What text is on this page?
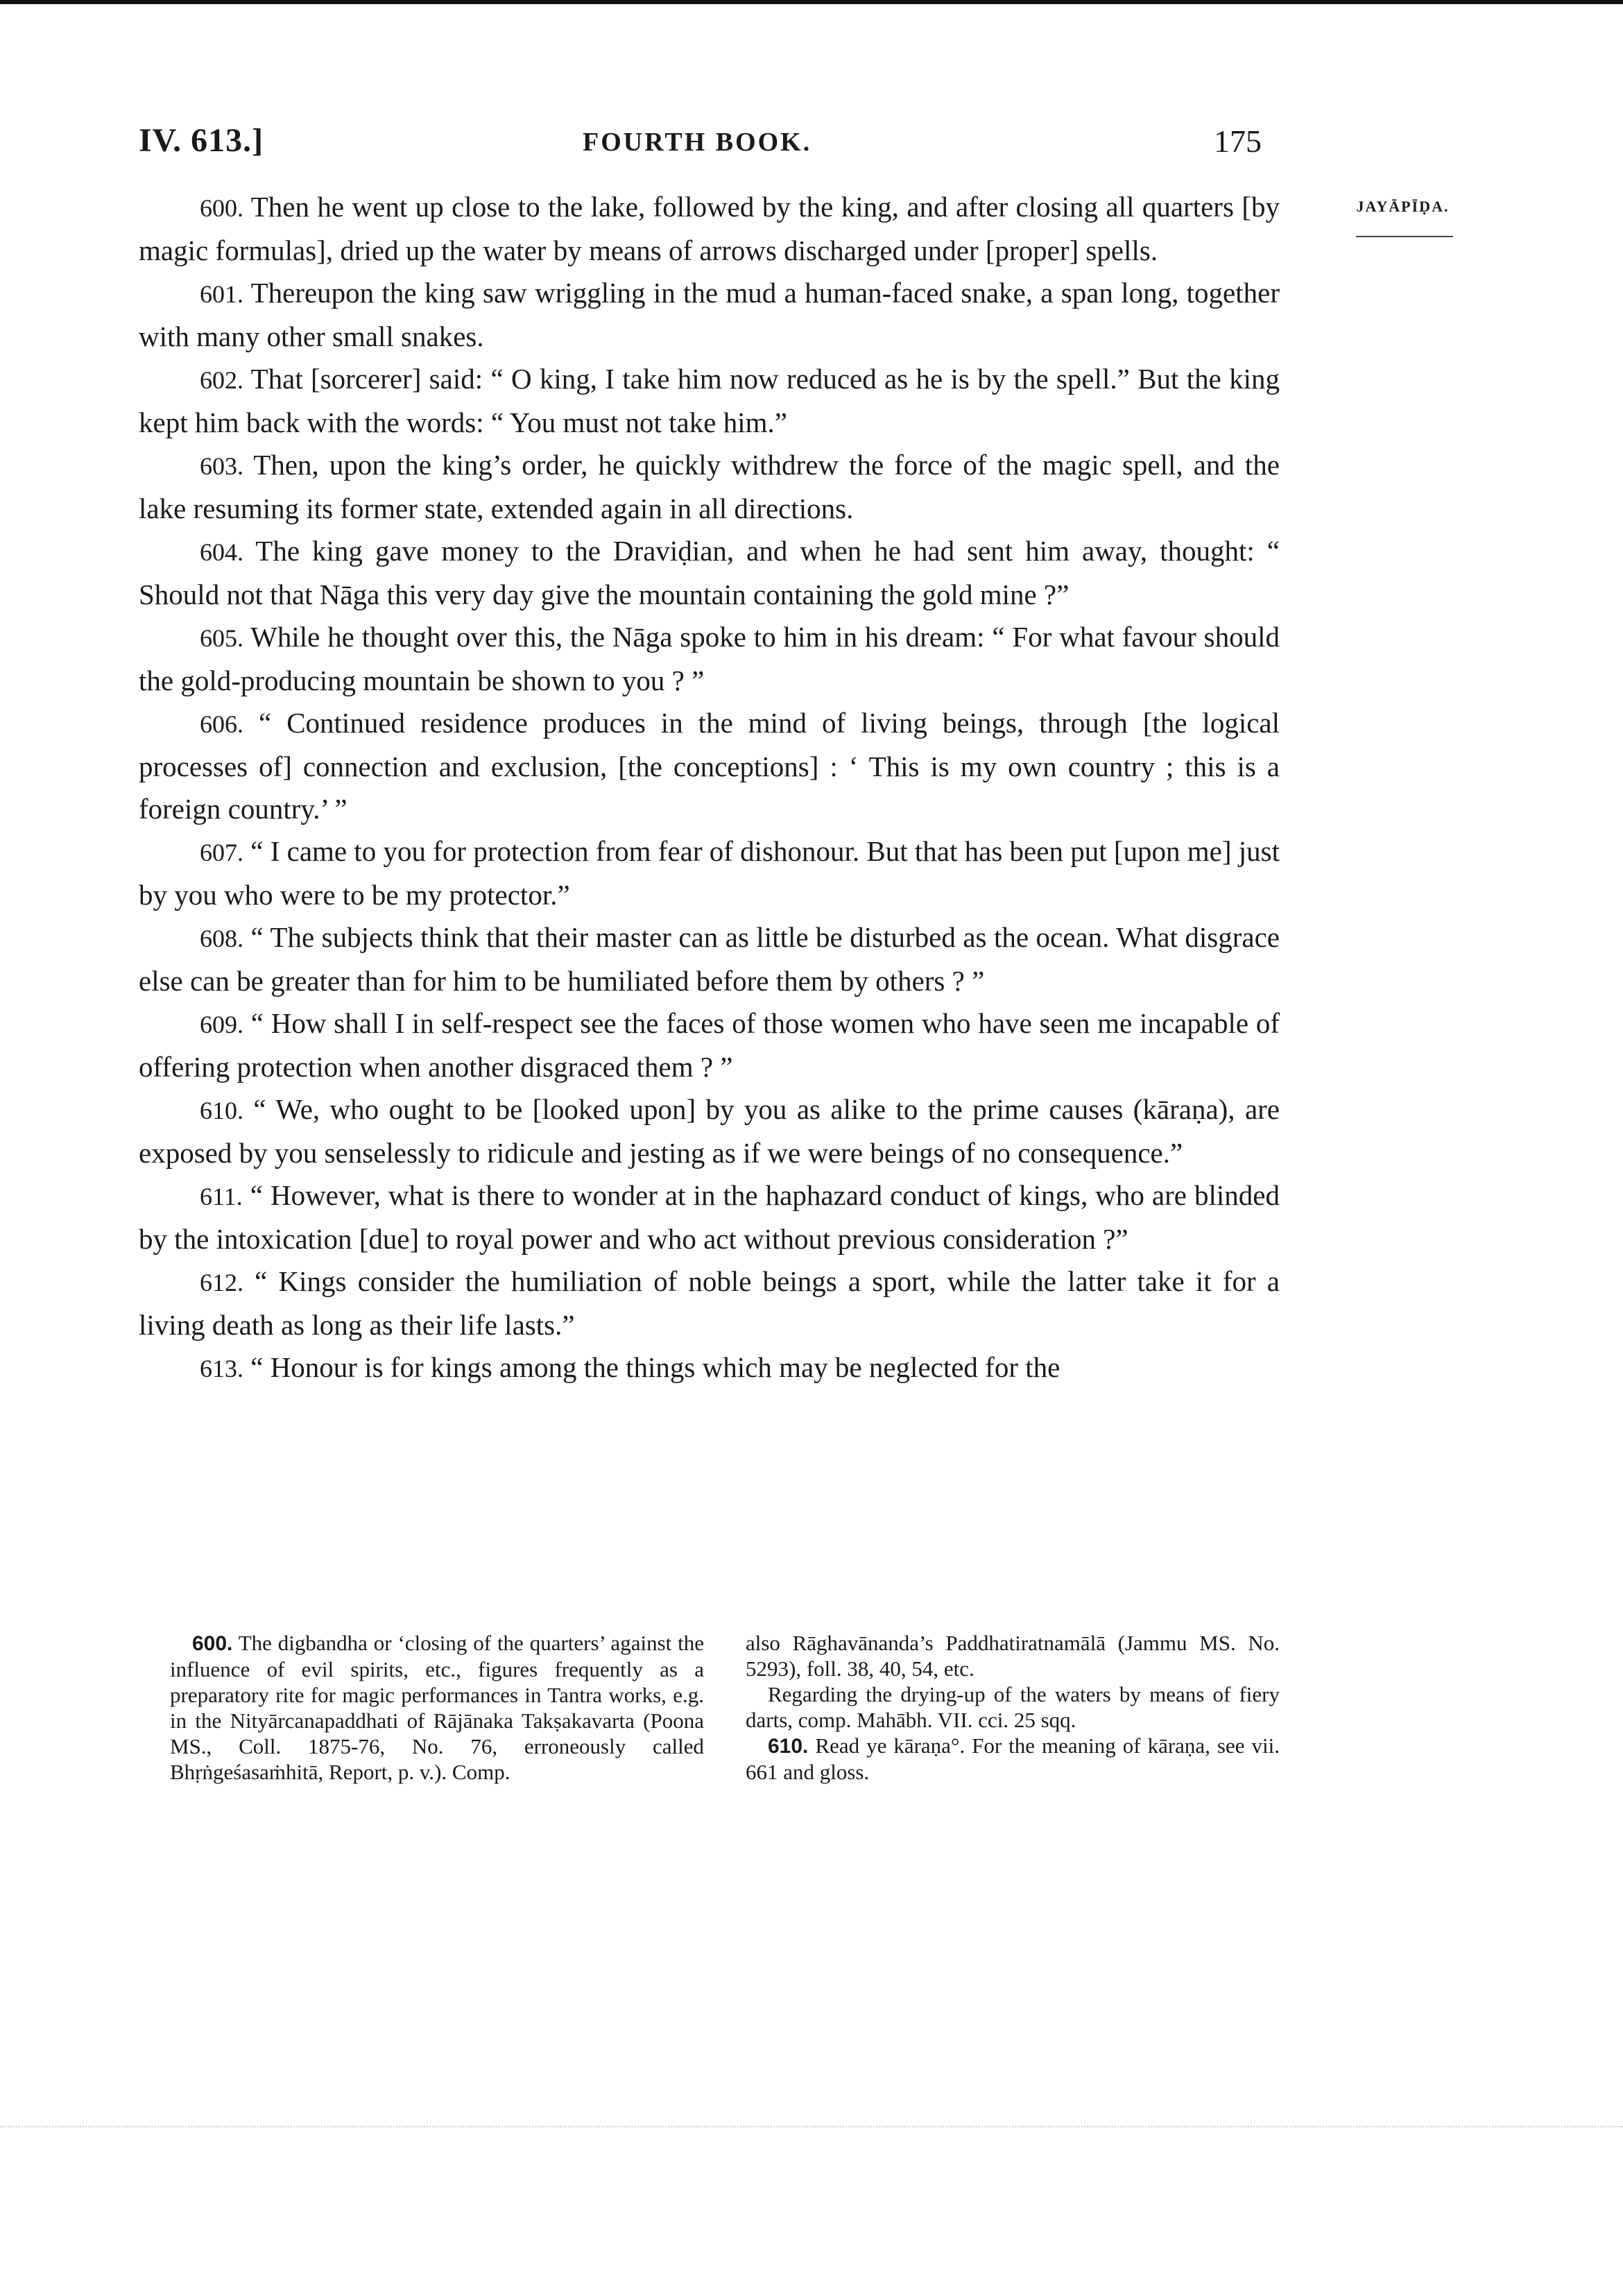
IV. 613.]	FOURTH BOOK.	175
JAYĀPĪḌA.

600. Then he went up close to the lake, followed by the king, and after closing all quarters [by magic formulas], dried up the water by means of arrows discharged under [proper] spells.

601. Thereupon the king saw wriggling in the mud a human-faced snake, a span long, together with many other small snakes.

602. That [sorcerer] said: “ O king, I take him now reduced as he is by the spell.” But the king kept him back with the words: “ You must not take him.”

603. Then, upon the king’s order, he quickly withdrew the force of the magic spell, and the lake resuming its former state, extended again in all directions.

604. The king gave money to the Draviḍian, and when he had sent him away, thought: “ Should not that Nāga this very day give the mountain containing the gold mine ?”

605. While he thought over this, the Nāga spoke to him in his dream: “ For what favour should the gold-producing mountain be shown to you ? ”

606. “ Continued residence produces in the mind of living beings, through [the logical processes of] connection and exclusion, [the conceptions] : ‘ This is my own country ; this is a foreign country.’ ”

607. “ I came to you for protection from fear of dishonour. But that has been put [upon me] just by you who were to be my protector.”

608. “ The subjects think that their master can as little be disturbed as the ocean. What disgrace else can be greater than for him to be humiliated before them by others ? ”

609. “ How shall I in self-respect see the faces of those women who have seen me incapable of offering protection when another disgraced them ? ”

610. “ We, who ought to be [looked upon] by you as alike to the prime causes (kāraṇa), are exposed by you senselessly to ridicule and jesting as if we were beings of no consequence.”

611. “ However, what is there to wonder at in the haphazard conduct of kings, who are blinded by the intoxication [due] to royal power and who act without previous consideration ?”

612. “ Kings consider the humiliation of noble beings a sport, while the latter take it for a living death as long as their life lasts.”

613. “ Honour is for kings among the things which may be neglected for the

600. The digbandha or ‘closing of the quarters’ against the influence of evil spirits, etc., figures frequently as a preparatory rite for magic performances in Tantra works, e.g. in the Nityārcanapaddhati of Rājānaka Takṣakavarta (Poona MS., Coll. 1875-76, No. 76, erroneously called Bhṛṅgeśasaṁhitā, Report, p. v.). Comp.

also Rāghavānanda’s Paddhatiratnamālā (Jammu MS. No. 5293), foll. 38, 40, 54, etc.

Regarding the drying-up of the waters by means of fiery darts, comp. Mahābh. VII. cci. 25 sqq.

610. Read ye kāraṇa°. For the meaning of kāraṇa, see vii. 661 and gloss.
